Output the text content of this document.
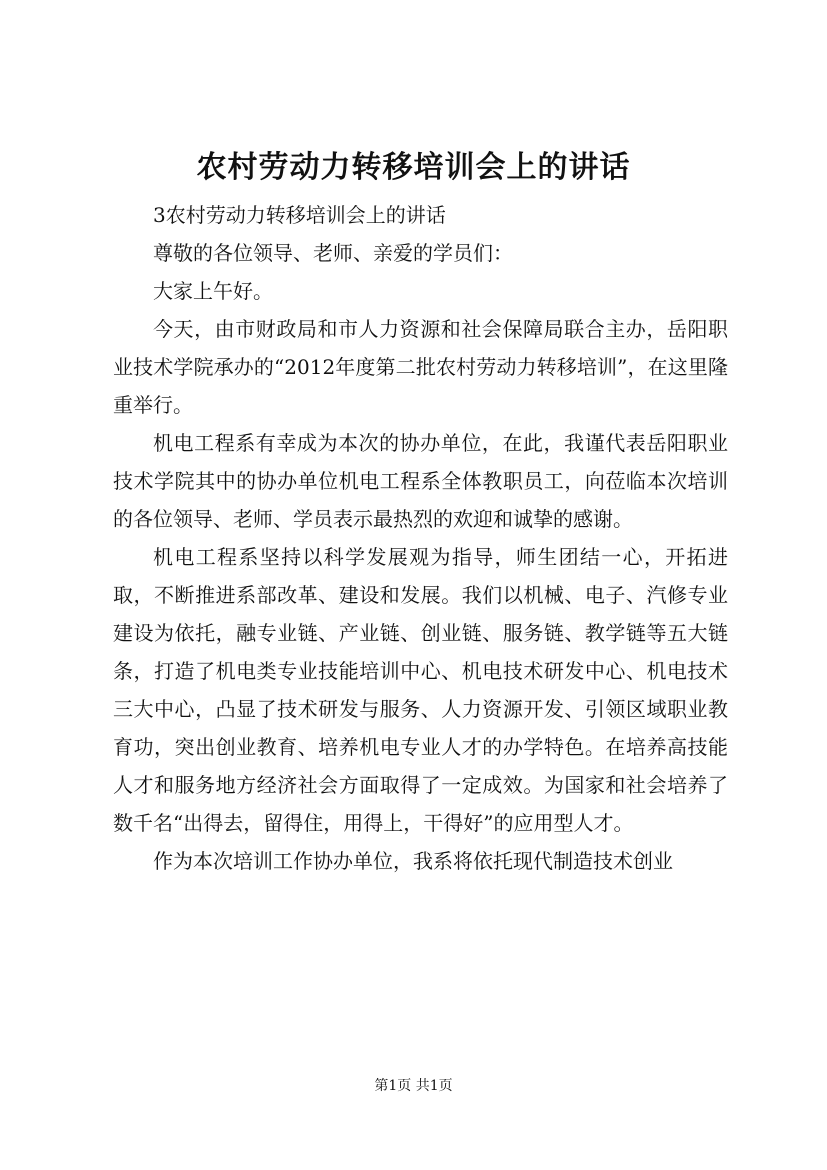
农村劳动力转移培训会上的讲话

3农村劳动力转移培训会上的讲话

尊敬的各位领导、老师、亲爱的学员们：

大家上午好。

今天，由市财政局和市人力资源和社会保障局联合主办，岳阳职业技术学院承办的“2012年度第二批农村劳动力转移培训”，在这里隆重举行。

机电工程系有幸成为本次的协办单位，在此，我谨代表岳阳职业技术学院其中的协办单位机电工程系全体教职员工，向莅临本次培训的各位领导、老师、学员表示最热烈的欢迎和诚挚的感谢。

机电工程系坚持以科学发展观为指导，师生团结一心，开拓进取，不断推进系部改革、建设和发展。我们以机械、电子、汽修专业建设为依托，融专业链、产业链、创业链、服务链、教学链等五大链条，打造了机电类专业技能培训中心、机电技术研发中心、机电技术三大中心，凸显了技术研发与服务、人力资源开发、引领区域职业教育功，突出创业教育、培养机电专业人才的办学特色。在培养高技能人才和服务地方经济社会方面取得了一定成效。为国家和社会培养了数千名“出得去，留得住，用得上，干得好”的应用型人才。

作为本次培训工作协办单位，我系将依托现代制造技术创业

第1页 共1页
